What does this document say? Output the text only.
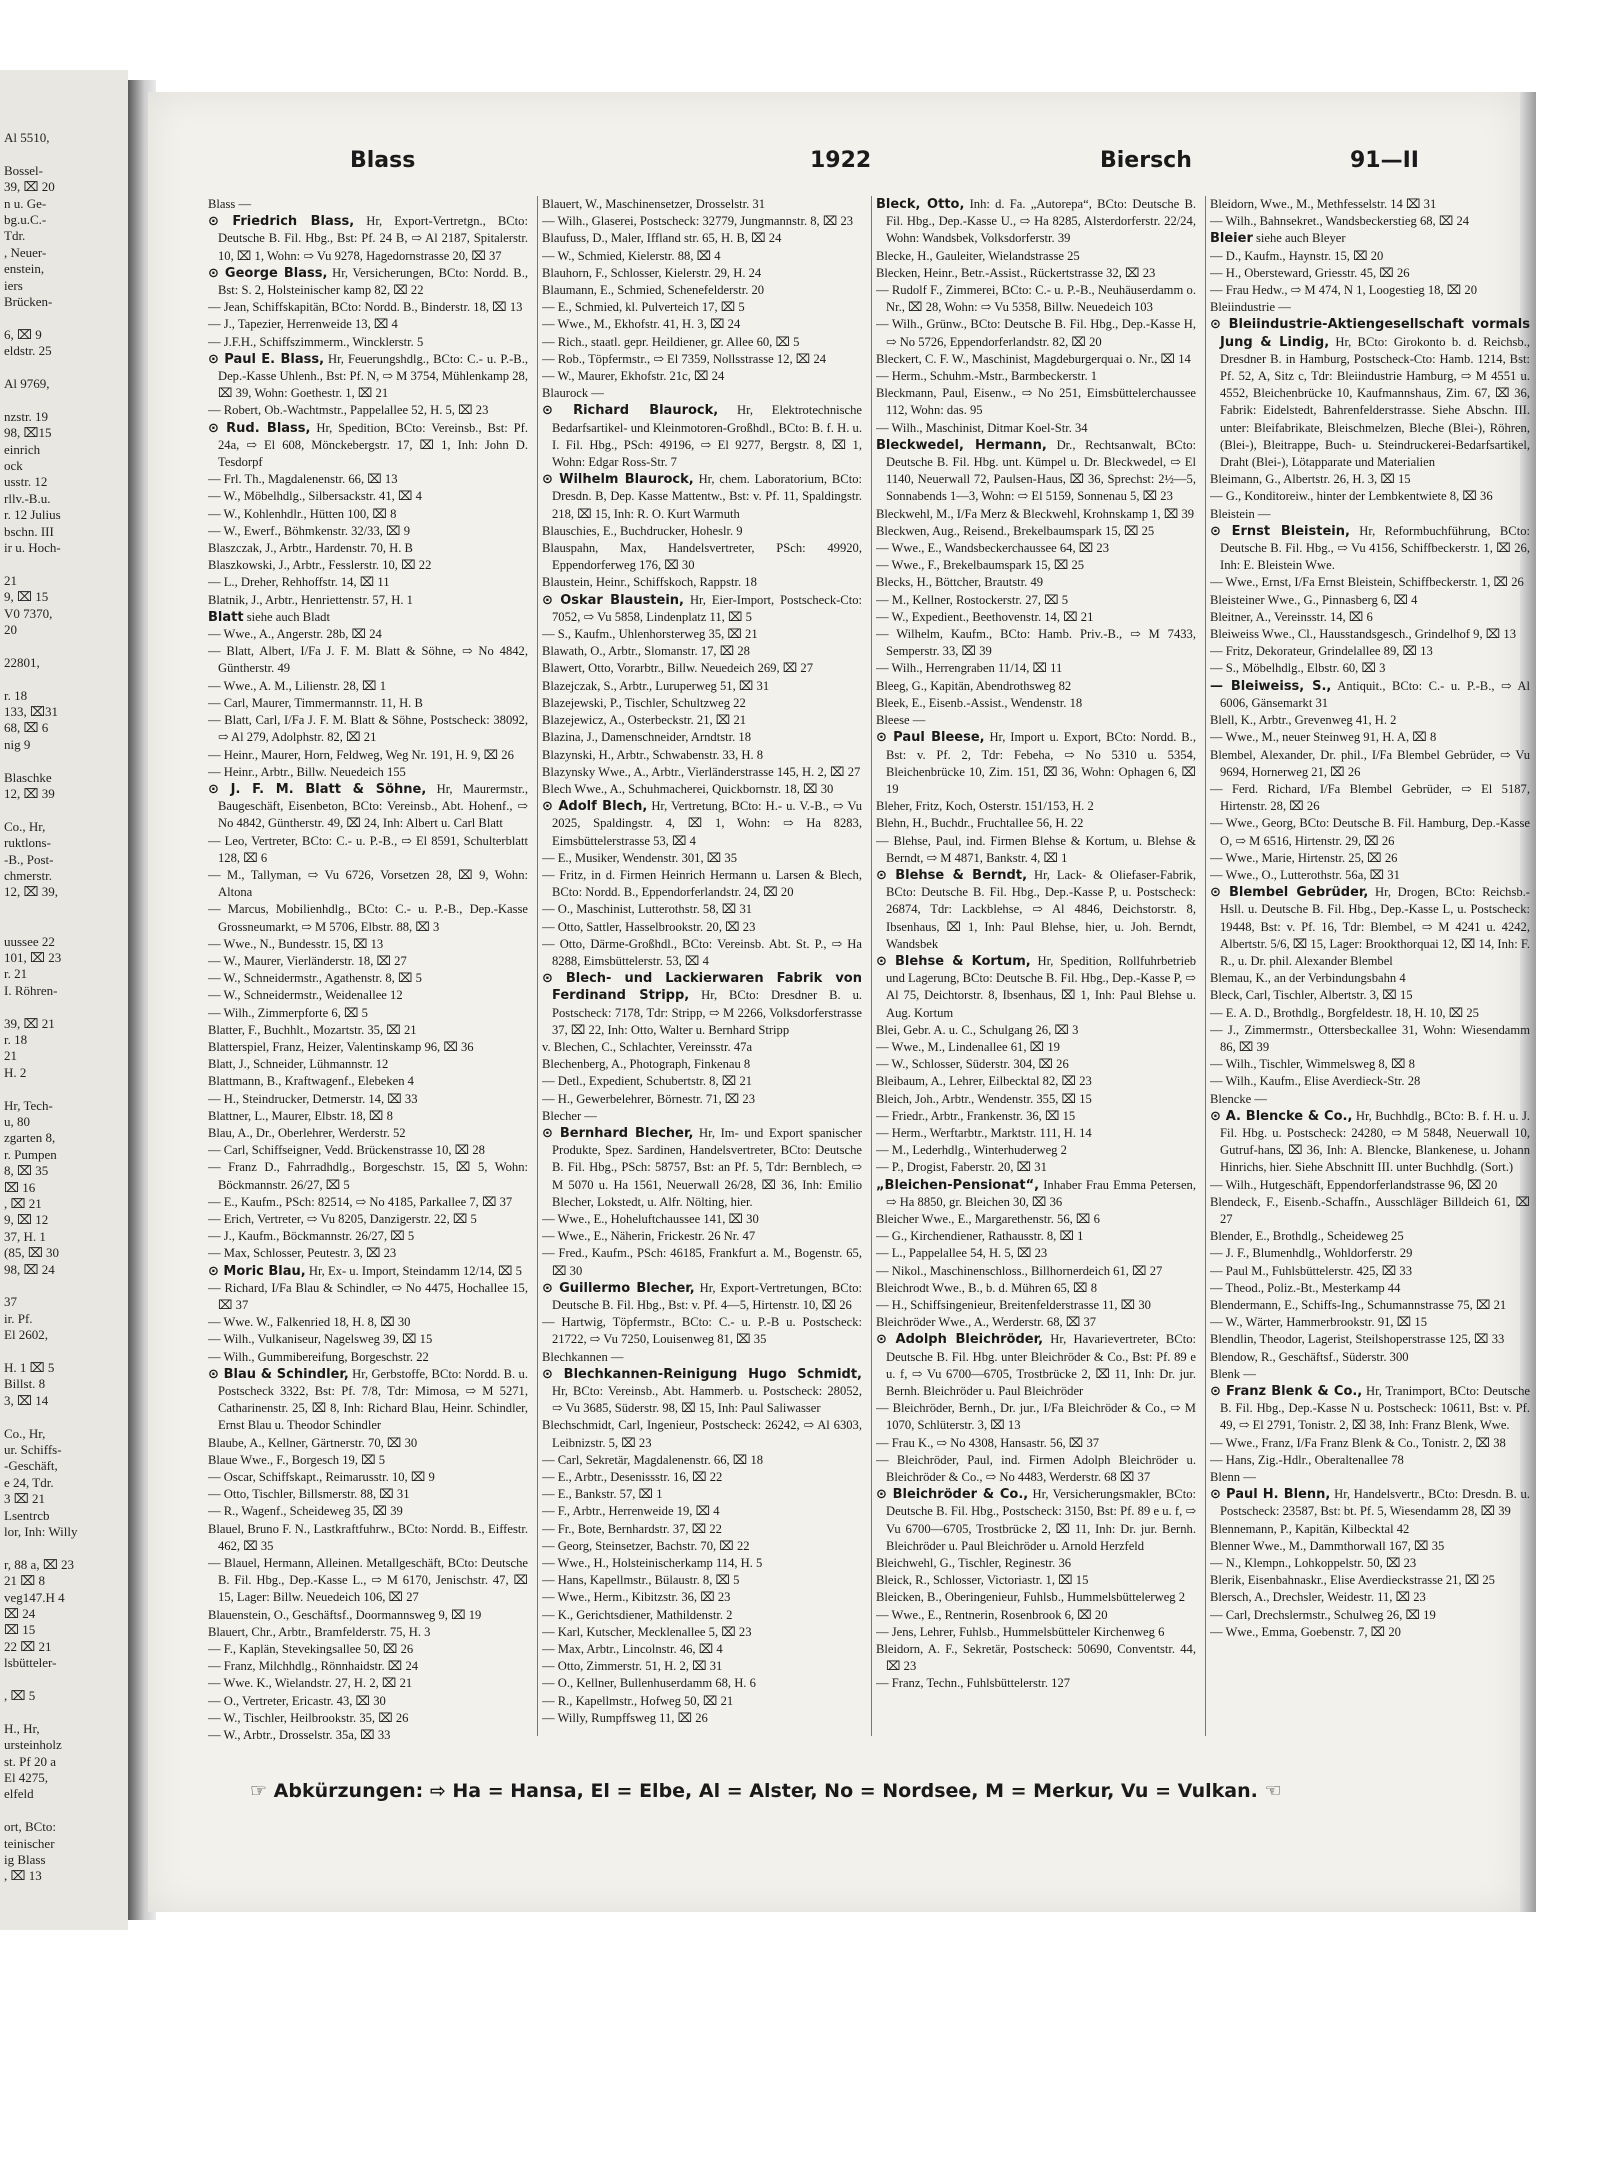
Al 5510,
Bossel-
39, ⌧ 20
n u. Ge-
bg.u.C.-
Tdr.
, Neuer-
enstein,
iers
Brücken-
6, ⌧ 9
eldstr. 25
Al 9769,
nzstr. 19
98, ⌧15
einrich
ock
usstr. 12
rllv.-B.u.
r. 12 Julius
bschn. III
ir u. Hoch-
21
9, ⌧ 15
V0 7370,
20
22801,
r. 18
133, ⌧31
68, ⌧ 6
nig 9
Blaschke
12, ⌧ 39
Co., Hr,
ruktlons-
-B., Post-
chmerstr.
12, ⌧ 39,
uussee 22
101, ⌧ 23
r. 21
I. Röhren-
39, ⌧ 21
r. 18
21
H. 2
Hr, Tech-
u, 80
zgarten 8,
r. Pumpen
8, ⌧ 35
⌧ 16
, ⌧ 21
9, ⌧ 12
37, H. 1
(85, ⌧ 30
98, ⌧ 24
37
ir. Pf.
El 2602,
H. 1 ⌧ 5
Billst. 8
3, ⌧ 14
Co., Hr,
ur. Schiffs-
-Geschäft,
e 24, Tdr.
3 ⌧ 21
Lsentrcb
lor, Inh: Willy
r, 88 a, ⌧ 23
21 ⌧ 8
veg147.H 4
⌧ 24
⌧ 15
22 ⌧ 21
lsbütteler-
, ⌧ 5
H., Hr,
ursteinholz
st. Pf 20 a
El 4275,
elfeld
ort, BCto:
teinischer
ig Blass
, ⌧ 13
Blass	1922	Biersch	91—II

Blass —

⊙ Friedrich Blass, Hr, Export-Vertretgn., BCto: Deutsche B. Fil. Hbg., Bst: Pf. 24 B, ⇨ Al 2187, Spitalerstr. 10, ⌧ 1, Wohn: ⇨ Vu 9278, Hagedornstrasse 20, ⌧ 37

⊙ George Blass, Hr, Versicherungen, BCto: Nordd. B., Bst: S. 2, Holsteinischer kamp 82, ⌧ 22

— Jean, Schiffskapitän, BCto: Nordd. B., Binderstr. 18, ⌧ 13

— J., Tapezier, Herrenweide 13, ⌧ 4

— J.F.H., Schiffszimmerm., Wincklerstr. 5

⊙ Paul E. Blass, Hr, Feuerungshdlg., BCto: C.- u. P.-B., Dep.-Kasse Uhlenh., Bst: Pf. N, ⇨ M 3754, Mühlenkamp 28, ⌧ 39, Wohn: Goethestr. 1, ⌧ 21

— Robert, Ob.-Wachtmstr., Pappelallee 52, H. 5, ⌧ 23

⊙ Rud. Blass, Hr, Spedition, BCto: Vereinsb., Bst: Pf. 24a, ⇨ El 608, Mönckebergstr. 17, ⌧ 1, Inh: John D. Tesdorpf

— Frl. Th., Magdalenenstr. 66, ⌧ 13

— W., Möbelhdlg., Silbersackstr. 41, ⌧ 4

— W., Kohlenhdlr., Hütten 100, ⌧ 8

— W., Ewerf., Böhmkenstr. 32/33, ⌧ 9

Blaszczak, J., Arbtr., Hardenstr. 70, H. B

Blaszkowski, J., Arbtr., Fesslerstr. 10, ⌧ 22

— L., Dreher, Rehhoffstr. 14, ⌧ 11

Blatnik, J., Arbtr., Henriettenstr. 57, H. 1

Blatt siehe auch Bladt

— Wwe., A., Angerstr. 28b, ⌧ 24

— Blatt, Albert, I/Fa J. F. M. Blatt & Söhne, ⇨ No 4842, Güntherstr. 49

— Wwe., A. M., Lilienstr. 28, ⌧ 1

— Carl, Maurer, Timmermannstr. 11, H. B

— Blatt, Carl, I/Fa J. F. M. Blatt & Söhne, Postscheck: 38092, ⇨ Al 279, Adolphstr. 82, ⌧ 21

— Heinr., Maurer, Horn, Feldweg, Weg Nr. 191, H. 9, ⌧ 26

— Heinr., Arbtr., Billw. Neuedeich 155

⊙ J. F. M. Blatt & Söhne, Hr, Maurermstr., Baugeschäft, Eisenbeton, BCto: Vereinsb., Abt. Hohenf., ⇨ No 4842, Güntherstr. 49, ⌧ 24, Inh: Albert u. Carl Blatt

— Leo, Vertreter, BCto: C.- u. P.-B., ⇨ El 8591, Schulterblatt 128, ⌧ 6

— M., Tallyman, ⇨ Vu 6726, Vorsetzen 28, ⌧ 9, Wohn: Altona

— Marcus, Mobilienhdlg., BCto: C.- u. P.-B., Dep.-Kasse Grossneumarkt, ⇨ M 5706, Elbstr. 88, ⌧ 3

— Wwe., N., Bundesstr. 15, ⌧ 13

— W., Maurer, Vierländerstr. 18, ⌧ 27

— W., Schneidermstr., Agathenstr. 8, ⌧ 5

— W., Schneidermstr., Weidenallee 12

— Wilh., Zimmerpforte 6, ⌧ 5

Blatter, F., Buchhlt., Mozartstr. 35, ⌧ 21

Blatterspiel, Franz, Heizer, Valentinskamp 96, ⌧ 36

Blatt, J., Schneider, Lühmannstr. 12

Blattmann, B., Kraftwagenf., Elebeken 4

— H., Steindrucker, Detmerstr. 14, ⌧ 33

Blattner, L., Maurer, Elbstr. 18, ⌧ 8

Blau, A., Dr., Oberlehrer, Werderstr. 52

— Carl, Schiffseigner, Vedd. Brückenstrasse 10, ⌧ 28

— Franz D., Fahrradhdlg., Borgeschstr. 15, ⌧ 5, Wohn: Böckmannstr. 26/27, ⌧ 5

— E., Kaufm., PSch: 82514, ⇨ No 4185, Parkallee 7, ⌧ 37

— Erich, Vertreter, ⇨ Vu 8205, Danzigerstr. 22, ⌧ 5

— J., Kaufm., Böckmannstr. 26/27, ⌧ 5

— Max, Schlosser, Peutestr. 3, ⌧ 23

⊙ Moric Blau, Hr, Ex- u. Import, Steindamm 12/14, ⌧ 5

— Richard, I/Fa Blau & Schindler, ⇨ No 4475, Hochallee 15, ⌧ 37

— Wwe. W., Falkenried 18, H. 8, ⌧ 30

— Wilh., Vulkaniseur, Nagelsweg 39, ⌧ 15

— Wilh., Gummibereifung, Borgeschstr. 22

⊙ Blau & Schindler, Hr, Gerbstoffe, BCto: Nordd. B. u. Postscheck 3322, Bst: Pf. 7/8, Tdr: Mimosa, ⇨ M 5271, Catharinenstr. 25, ⌧ 8, Inh: Richard Blau, Heinr. Schindler, Ernst Blau u. Theodor Schindler

Blaube, A., Kellner, Gärtnerstr. 70, ⌧ 30

Blaue Wwe., F., Borgesch 19, ⌧ 5

— Oscar, Schiffskapt., Reimarusstr. 10, ⌧ 9

— Otto, Tischler, Billsmerstr. 88, ⌧ 31

— R., Wagenf., Scheideweg 35, ⌧ 39

Blauel, Bruno F. N., Lastkraftfuhrw., BCto: Nordd. B., Eiffestr. 462, ⌧ 35

— Blauel, Hermann, Alleinen. Metallgeschäft, BCto: Deutsche B. Fil. Hbg., Dep.-Kasse L., ⇨ M 6170, Jenischstr. 47, ⌧ 15, Lager: Billw. Neuedeich 106, ⌧ 27

Blauenstein, O., Geschäftsf., Doormannsweg 9, ⌧ 19

Blauert, Chr., Arbtr., Bramfelderstr. 75, H. 3

— F., Kaplän, Stevekingsallee 50, ⌧ 26

— Franz, Milchhdlg., Rönnhaidstr. ⌧ 24

— Wwe. K., Wielandstr. 27, H. 2, ⌧ 21

— O., Vertreter, Ericastr. 43, ⌧ 30

— W., Tischler, Heilbrookstr. 35, ⌧ 26

— W., Arbtr., Drosselstr. 35a, ⌧ 33

Blauert, W., Maschinensetzer, Drosselstr. 31

— Wilh., Glaserei, Postscheck: 32779, Jungmannstr. 8, ⌧ 23

Blaufuss, D., Maler, Iffland str. 65, H. B, ⌧ 24

— W., Schmied, Kielerstr. 88, ⌧ 4

Blauhorn, F., Schlosser, Kielerstr. 29, H. 24

Blaumann, E., Schmied, Schenefelderstr. 20

— E., Schmied, kl. Pulverteich 17, ⌧ 5

— Wwe., M., Ekhofstr. 41, H. 3, ⌧ 24

— Rich., staatl. gepr. Heildiener, gr. Allee 60, ⌧ 5

— Rob., Töpfermstr., ⇨ El 7359, Nollsstrasse 12, ⌧ 24

— W., Maurer, Ekhofstr. 21c, ⌧ 24

Blaurock —

⊙ Richard Blaurock, Hr, Elektrotechnische Bedarfsartikel- und Kleinmotoren-Großhdl., BCto: B. f. H. u. I. Fil. Hbg., PSch: 49196, ⇨ El 9277, Bergstr. 8, ⌧ 1, Wohn: Edgar Ross-Str. 7

⊙ Wilhelm Blaurock, Hr, chem. Laboratorium, BCto: Dresdn. B, Dep. Kasse Mattentw., Bst: v. Pf. 11, Spaldingstr. 218, ⌧ 15, Inh: R. O. Kurt Warmuth

Blauschies, E., Buchdrucker, Hoheslr. 9

Blauspahn, Max, Handelsvertreter, PSch: 49920, Eppendorferweg 176, ⌧ 30

Blaustein, Heinr., Schiffskoch, Rappstr. 18

⊙ Oskar Blaustein, Hr, Eier-Import, Postscheck-Cto: 7052, ⇨ Vu 5858, Lindenplatz 11, ⌧ 5

— S., Kaufm., Uhlenhorsterweg 35, ⌧ 21

Blawath, O., Arbtr., Slomanstr. 17, ⌧ 28

Blawert, Otto, Vorarbtr., Billw. Neuedeich 269, ⌧ 27

Blazejczak, S., Arbtr., Luruperweg 51, ⌧ 31

Blazejewski, P., Tischler, Schultzweg 22

Blazejewicz, A., Osterbeckstr. 21, ⌧ 21

Blazina, J., Damenschneider, Arndtstr. 18

Blazynski, H., Arbtr., Schwabenstr. 33, H. 8

Blazynsky Wwe., A., Arbtr., Vierländerstrasse 145, H. 2, ⌧ 27

Blech Wwe., A., Schuhmacherei, Quickbornstr. 18, ⌧ 30

⊙ Adolf Blech, Hr, Vertretung, BCto: H.- u. V.-B., ⇨ Vu 2025, Spaldingstr. 4, ⌧ 1, Wohn: ⇨ Ha 8283, Eimsbüttelerstrasse 53, ⌧ 4

— E., Musiker, Wendenstr. 301, ⌧ 35

— Fritz, in d. Firmen Heinrich Hermann u. Larsen & Blech, BCto: Nordd. B., Eppendorferlandstr. 24, ⌧ 20

— O., Maschinist, Lutterothstr. 58, ⌧ 31

— Otto, Sattler, Hasselbrookstr. 20, ⌧ 23

— Otto, Därme-Großhdl., BCto: Vereinsb. Abt. St. P., ⇨ Ha 8288, Eimsbüttelerstr. 53, ⌧ 4

⊙ Blech- und Lackierwaren Fabrik von Ferdinand Stripp, Hr, BCto: Dresdner B. u. Postscheck: 7178, Tdr: Stripp, ⇨ M 2266, Volksdorferstrasse 37, ⌧ 22, Inh: Otto, Walter u. Bernhard Stripp

v. Blechen, C., Schlachter, Vereinsstr. 47a

Blechenberg, A., Photograph, Finkenau 8

— Detl., Expedient, Schubertstr. 8, ⌧ 21

— H., Gewerbelehrer, Börnestr. 71, ⌧ 23

Blecher —

⊙ Bernhard Blecher, Hr, Im- und Export spanischer Produkte, Spez. Sardinen, Handelsvertreter, BCto: Deutsche B. Fil. Hbg., PSch: 58757, Bst: an Pf. 5, Tdr: Bernblech, ⇨ M 5070 u. Ha 1561, Neuerwall 26/28, ⌧ 36, Inh: Emilio Blecher, Lokstedt, u. Alfr. Nölting, hier.

— Wwe., E., Hoheluftchaussee 141, ⌧ 30

— Wwe., E., Näherin, Frickestr. 26 Nr. 47

— Fred., Kaufm., PSch: 46185, Frankfurt a. M., Bogenstr. 65, ⌧ 30

⊙ Guillermo Blecher, Hr, Export-Vertretungen, BCto: Deutsche B. Fil. Hbg., Bst: v. Pf. 4—5, Hirtenstr. 10, ⌧ 26

— Hartwig, Töpfermstr., BCto: C.- u. P.-B u. Postscheck: 21722, ⇨ Vu 7250, Louisenweg 81, ⌧ 35

Blechkannen —

⊙ Blechkannen-Reinigung Hugo Schmidt, Hr, BCto: Vereinsb., Abt. Hammerb. u. Postscheck: 28052, ⇨ Vu 3685, Süderstr. 98, ⌧ 15, Inh: Paul Saliwasser

Blechschmidt, Carl, Ingenieur, Postscheck: 26242, ⇨ Al 6303, Leibnizstr. 5, ⌧ 23

— Carl, Sekretär, Magdalenenstr. 66, ⌧ 18

— E., Arbtr., Desenissstr. 16, ⌧ 22

— E., Bankstr. 57, ⌧ 1

— F., Arbtr., Herrenweide 19, ⌧ 4

— Fr., Bote, Bernhardstr. 37, ⌧ 22

— Georg, Steinsetzer, Bachstr. 70, ⌧ 22

— Wwe., H., Holsteinischerkamp 114, H. 5

— Hans, Kapellmstr., Bülaustr. 8, ⌧ 5

— Wwe., Herm., Kibitzstr. 36, ⌧ 23

— K., Gerichtsdiener, Mathildenstr. 2

— Karl, Kutscher, Mecklenallee 5, ⌧ 23

— Max, Arbtr., Lincolnstr. 46, ⌧ 4

— Otto, Zimmerstr. 51, H. 2, ⌧ 31

— O., Kellner, Bullenhuserdamm 68, H. 6

— R., Kapellmstr., Hofweg 50, ⌧ 21

— Willy, Rumpffsweg 11, ⌧ 26

Bleck, Otto, Inh: d. Fa. „Autorepa“, BCto: Deutsche B. Fil. Hbg., Dep.-Kasse U., ⇨ Ha 8285, Alsterdorferstr. 22/24, Wohn: Wandsbek, Volksdorferstr. 39

Blecke, H., Gauleiter, Wielandstrasse 25

Blecken, Heinr., Betr.-Assist., Rückertstrasse 32, ⌧ 23

— Rudolf F., Zimmerei, BCto: C.- u. P.-B., Neuhäuserdamm o. Nr., ⌧ 28, Wohn: ⇨ Vu 5358, Billw. Neuedeich 103

— Wilh., Grünw., BCto: Deutsche B. Fil. Hbg., Dep.-Kasse H, ⇨ No 5726, Eppendorferlandstr. 82, ⌧ 20

Bleckert, C. F. W., Maschinist, Magdeburgerquai o. Nr., ⌧ 14

— Herm., Schuhm.-Mstr., Barmbeckerstr. 1

Bleckmann, Paul, Eisenw., ⇨ No 251, Eimsbüttelerchaussee 112, Wohn: das. 95

— Wilh., Maschinist, Ditmar Koel-Str. 34

Bleckwedel, Hermann, Dr., Rechtsanwalt, BCto: Deutsche B. Fil. Hbg. unt. Kümpel u. Dr. Bleckwedel, ⇨ El 1140, Neuerwall 72, Paulsen-Haus, ⌧ 36, Sprechst: 2½—5, Sonnabends 1—3, Wohn: ⇨ El 5159, Sonnenau 5, ⌧ 23

Bleckwehl, M., I/Fa Merz & Bleckwehl, Krohnskamp 1, ⌧ 39

Bleckwen, Aug., Reisend., Brekelbaumspark 15, ⌧ 25

— Wwe., E., Wandsbeckerchaussee 64, ⌧ 23

— Wwe., F., Brekelbaumspark 15, ⌧ 25

Blecks, H., Böttcher, Brautstr. 49

— M., Kellner, Rostockerstr. 27, ⌧ 5

— W., Expedient., Beethovenstr. 14, ⌧ 21

— Wilhelm, Kaufm., BCto: Hamb. Priv.-B., ⇨ M 7433, Semperstr. 33, ⌧ 39

— Wilh., Herrengraben 11/14, ⌧ 11

Bleeg, G., Kapitän, Abendrothsweg 82

Bleek, E., Eisenb.-Assist., Wendenstr. 18

Bleese —

⊙ Paul Bleese, Hr, Import u. Export, BCto: Nordd. B., Bst: v. Pf. 2, Tdr: Febeha, ⇨ No 5310 u. 5354, Bleichenbrücke 10, Zim. 151, ⌧ 36, Wohn: Ophagen 6, ⌧ 19

Bleher, Fritz, Koch, Osterstr. 151/153, H. 2

Blehn, H., Buchdr., Fruchtallee 56, H. 22

— Blehse, Paul, ind. Firmen Blehse & Kortum, u. Blehse & Berndt, ⇨ M 4871, Bankstr. 4, ⌧ 1

⊙ Blehse & Berndt, Hr, Lack- & Oliefaser-Fabrik, BCto: Deutsche B. Fil. Hbg., Dep.-Kasse P, u. Postscheck: 26874, Tdr: Lackblehse, ⇨ Al 4846, Deichstorstr. 8, Ibsenhaus, ⌧ 1, Inh: Paul Blehse, hier, u. Joh. Berndt, Wandsbek

⊙ Blehse & Kortum, Hr, Spedition, Rollfuhrbetrieb und Lagerung, BCto: Deutsche B. Fil. Hbg., Dep.-Kasse P, ⇨ Al 75, Deichtorstr. 8, Ibsenhaus, ⌧ 1, Inh: Paul Blehse u. Aug. Kortum

Blei, Gebr. A. u. C., Schulgang 26, ⌧ 3

— Wwe., M., Lindenallee 61, ⌧ 19

— W., Schlosser, Süderstr. 304, ⌧ 26

Bleibaum, A., Lehrer, Eilbecktal 82, ⌧ 23

Bleich, Joh., Arbtr., Wendenstr. 355, ⌧ 15

— Friedr., Arbtr., Frankenstr. 36, ⌧ 15

— Herm., Werftarbtr., Marktstr. 111, H. 14

— M., Lederhdlg., Winterhuderweg 2

— P., Drogist, Faberstr. 20, ⌧ 31

„Bleichen-Pensionat“, Inhaber Frau Emma Petersen, ⇨ Ha 8850, gr. Bleichen 30, ⌧ 36

Bleicher Wwe., E., Margarethenstr. 56, ⌧ 6

— G., Kirchendiener, Rathausstr. 8, ⌧ 1

— L., Pappelallee 54, H. 5, ⌧ 23

— Nikol., Maschinenschloss., Billhornerdeich 61, ⌧ 27

Bleichrodt Wwe., B., b. d. Mühren 65, ⌧ 8

— H., Schiffsingenieur, Breitenfelderstrasse 11, ⌧ 30

Bleichröder Wwe., A., Werderstr. 68, ⌧ 37

⊙ Adolph Bleichröder, Hr, Havarievertreter, BCto: Deutsche B. Fil. Hbg. unter Bleichröder & Co., Bst: Pf. 89 e u. f, ⇨ Vu 6700—6705, Trostbrücke 2, ⌧ 11, Inh: Dr. jur. Bernh. Bleichröder u. Paul Bleichröder

— Bleichröder, Bernh., Dr. jur., I/Fa Bleichröder & Co., ⇨ M 1070, Schlüterstr. 3, ⌧ 13

— Frau K., ⇨ No 4308, Hansastr. 56, ⌧ 37

— Bleichröder, Paul, ind. Firmen Adolph Bleichröder u. Bleichröder & Co., ⇨ No 4483, Werderstr. 68 ⌧ 37

⊙ Bleichröder & Co., Hr, Versicherungsmakler, BCto: Deutsche B. Fil. Hbg., Postscheck: 3150, Bst: Pf. 89 e u. f, ⇨ Vu 6700—6705, Trostbrücke 2, ⌧ 11, Inh: Dr. jur. Bernh. Bleichröder u. Paul Bleichröder u. Arnold Herzfeld

Bleichwehl, G., Tischler, Reginestr. 36

Bleick, R., Schlosser, Victoriastr. 1, ⌧ 15

Bleicken, B., Oberingenieur, Fuhlsb., Hummelsbüttelerweg 2

— Wwe., E., Rentnerin, Rosenbrook 6, ⌧ 20

— Jens, Lehrer, Fuhlsb., Hummelsbütteler Kirchenweg 6

Bleidorn, A. F., Sekretär, Postscheck: 50690, Conventstr. 44, ⌧ 23

— Franz, Techn., Fuhlsbüttelerstr. 127

Bleidorn, Wwe., M., Methfesselstr. 14 ⌧ 31

— Wilh., Bahnsekret., Wandsbeckerstieg 68, ⌧ 24

Bleier siehe auch Bleyer

— D., Kaufm., Haynstr. 15, ⌧ 20

— H., Obersteward, Griesstr. 45, ⌧ 26

— Frau Hedw., ⇨ M 474, N 1, Loogestieg 18, ⌧ 20

Bleiindustrie —

⊙ Bleiindustrie-Aktiengesellschaft vormals Jung & Lindig, Hr, BCto: Girokonto b. d. Reichsb., Dresdner B. in Hamburg, Postscheck-Cto: Hamb. 1214, Bst: Pf. 52, A, Sitz c, Tdr: Bleiindustrie Hamburg, ⇨ M 4551 u. 4552, Bleichenbrücke 10, Kaufmannshaus, Zim. 67, ⌧ 36, Fabrik: Eidelstedt, Bahrenfelderstrasse. Siehe Abschn. III. unter: Bleifabrikate, Bleischmelzen, Bleche (Blei-), Röhren, (Blei-), Bleitrappe, Buch- u. Steindruckerei-Bedarfsartikel, Draht (Blei-), Lötapparate und Materialien

Bleimann, G., Albertstr. 26, H. 3, ⌧ 15

— G., Konditoreiw., hinter der Lembkentwiete 8, ⌧ 36

Bleistein —

⊙ Ernst Bleistein, Hr, Reformbuchführung, BCto: Deutsche B. Fil. Hbg., ⇨ Vu 4156, Schiffbeckerstr. 1, ⌧ 26, Inh: E. Bleistein Wwe.

— Wwe., Ernst, I/Fa Ernst Bleistein, Schiffbeckerstr. 1, ⌧ 26

Bleisteiner Wwe., G., Pinnasberg 6, ⌧ 4

Bleitner, A., Vereinsstr. 14, ⌧ 6

Bleiweiss Wwe., Cl., Hausstandsgesch., Grindelhof 9, ⌧ 13

— Fritz, Dekorateur, Grindelallee 89, ⌧ 13

— S., Möbelhdlg., Elbstr. 60, ⌧ 3

— Bleiweiss, S., Antiquit., BCto: C.- u. P.-B., ⇨ Al 6006, Gänsemarkt 31

Blell, K., Arbtr., Grevenweg 41, H. 2

— Wwe., M., neuer Steinweg 91, H. A, ⌧ 8

Blembel, Alexander, Dr. phil., I/Fa Blembel Gebrüder, ⇨ Vu 9694, Hornerweg 21, ⌧ 26

— Ferd. Richard, I/Fa Blembel Gebrüder, ⇨ El 5187, Hirtenstr. 28, ⌧ 26

— Wwe., Georg, BCto: Deutsche B. Fil. Hamburg, Dep.-Kasse O, ⇨ M 6516, Hirtenstr. 29, ⌧ 26

— Wwe., Marie, Hirtenstr. 25, ⌧ 26

— Wwe., O., Lutterothstr. 56a, ⌧ 31

⊙ Blembel Gebrüder, Hr, Drogen, BCto: Reichsb.-Hsll. u. Deutsche B. Fil. Hbg., Dep.-Kasse L, u. Postscheck: 19448, Bst: v. Pf. 16, Tdr: Blembel, ⇨ M 4241 u. 4242, Albertstr. 5/6, ⌧ 15, Lager: Brookthorquai 12, ⌧ 14, Inh: F. R., u. Dr. phil. Alexander Blembel

Blemau, K., an der Verbindungsbahn 4

Bleck, Carl, Tischler, Albertstr. 3, ⌧ 15

— E. A. D., Brothdlg., Borgfeldestr. 18, H. 10, ⌧ 25

— J., Zimmermstr., Ottersbeckallee 31, Wohn: Wiesendamm 86, ⌧ 39

— Wilh., Tischler, Wimmelsweg 8, ⌧ 8

— Wilh., Kaufm., Elise Averdieck-Str. 28

Blencke —

⊙ A. Blencke & Co., Hr, Buchhdlg., BCto: B. f. H. u. J. Fil. Hbg. u. Postscheck: 24280, ⇨ M 5848, Neuerwall 10, Gutruf-hans, ⌧ 36, Inh: A. Blencke, Blankenese, u. Johann Hinrichs, hier. Siehe Abschnitt III. unter Buchhdlg. (Sort.)

— Wilh., Hutgeschäft, Eppendorferlandstrasse 96, ⌧ 20

Blendeck, F., Eisenb.-Schaffn., Ausschläger Billdeich 61, ⌧ 27

Blender, E., Brothdlg., Scheideweg 25

— J. F., Blumenhdlg., Wohldorferstr. 29

— Paul M., Fuhlsbüttelerstr. 425, ⌧ 33

— Theod., Poliz.-Bt., Mesterkamp 44

Blendermann, E., Schiffs-Ing., Schumannstrasse 75, ⌧ 21

— W., Wärter, Hammerbrookstr. 91, ⌧ 15

Blendlin, Theodor, Lagerist, Steilshoperstrasse 125, ⌧ 33

Blendow, R., Geschäftsf., Süderstr. 300

Blenk —

⊙ Franz Blenk & Co., Hr, Tranimport, BCto: Deutsche B. Fil. Hbg., Dep.-Kasse N u. Postscheck: 10611, Bst: v. Pf. 49, ⇨ El 2791, Tonistr. 2, ⌧ 38, Inh: Franz Blenk, Wwe.

— Wwe., Franz, I/Fa Franz Blenk & Co., Tonistr. 2, ⌧ 38

— Hans, Zig.-Hdlr., Oberaltenallee 78

Blenn —

⊙ Paul H. Blenn, Hr, Handelsvertr., BCto: Dresdn. B. u. Postscheck: 23587, Bst: bt. Pf. 5, Wiesendamm 28, ⌧ 39

Blennemann, P., Kapitän, Kilbecktal 42

Blenner Wwe., M., Dammthorwall 167, ⌧ 35

— N., Klempn., Lohkoppelstr. 50, ⌧ 23

Blerik, Eisenbahnaskr., Elise Averdieckstrasse 21, ⌧ 25

Blersch, A., Drechsler, Weidestr. 11, ⌧ 23

— Carl, Drechslermstr., Schulweg 26, ⌧ 19

— Wwe., Emma, Goebenstr. 7, ⌧ 20

☞ Abkürzungen: ⇨ Ha = Hansa, El = Elbe, Al = Alster, No = Nordsee, M = Merkur, Vu = Vulkan. ☜
